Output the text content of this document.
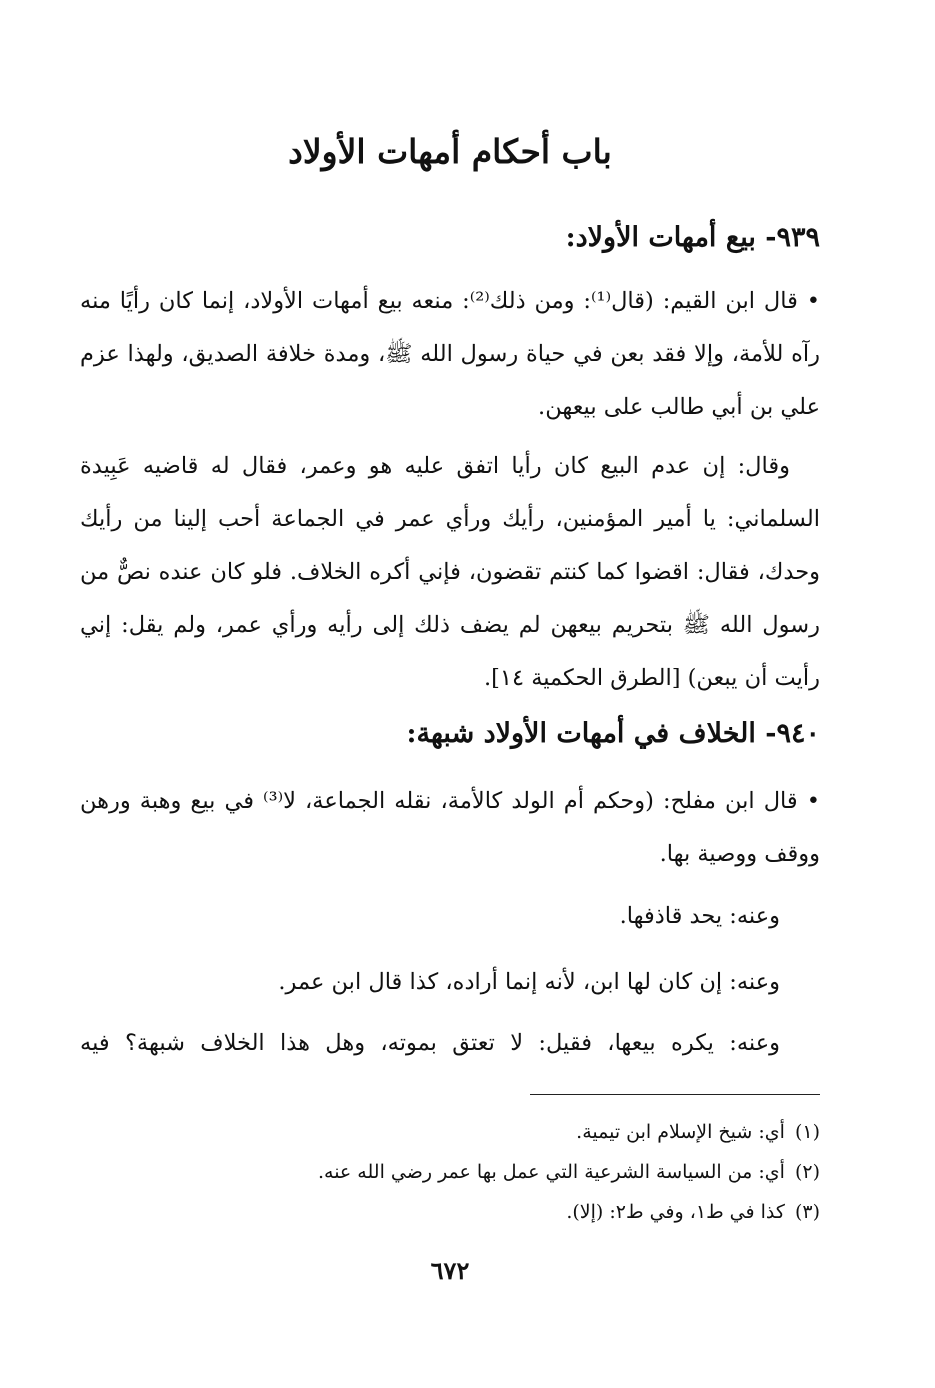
باب أحكام أمهات الأولاد
٩٣٩- بيع أمهات الأولاد:
• قال ابن القيم: (قال⁽¹⁾: ومن ذلك⁽²⁾: منعه بيع أمهات الأولاد، إنما كان رأيًا منه رآه للأمة، وإلا فقد بعن في حياة رسول الله ﷺ، ومدة خلافة الصديق، ولهذا عزم علي بن أبي طالب على بيعهن.
وقال: إن عدم البيع كان رأيا اتفق عليه هو وعمر، فقال له قاضيه عَبِيدة السلماني: يا أمير المؤمنين، رأيك ورأي عمر في الجماعة أحب إلينا من رأيك وحدك، فقال: اقضوا كما كنتم تقضون، فإني أكره الخلاف. فلو كان عنده نصٌّ من رسول الله ﷺ بتحريم بيعهن لم يضف ذلك إلى رأيه ورأي عمر، ولم يقل: إني رأيت أن يبعن) [الطرق الحكمية ١٤].
٩٤٠- الخلاف في أمهات الأولاد شبهة:
• قال ابن مفلح: (وحكم أم الولد كالأمة، نقله الجماعة، لا⁽³⁾ في بيع وهبة ورهن ووقف ووصية بها.
وعنه: يحد قاذفها.
وعنه: إن كان لها ابن، لأنه إنما أراده، كذا قال ابن عمر.
وعنه: يكره بيعها، فقيل: لا تعتق بموته، وهل هذا الخلاف شبهة؟ فيه
(١)أي: شيخ الإسلام ابن تيمية.
(٢)أي: من السياسة الشرعية التي عمل بها عمر رضي الله عنه.
(٣)كذا في ط١، وفي ط٢: (إلا).
٦٧٢
